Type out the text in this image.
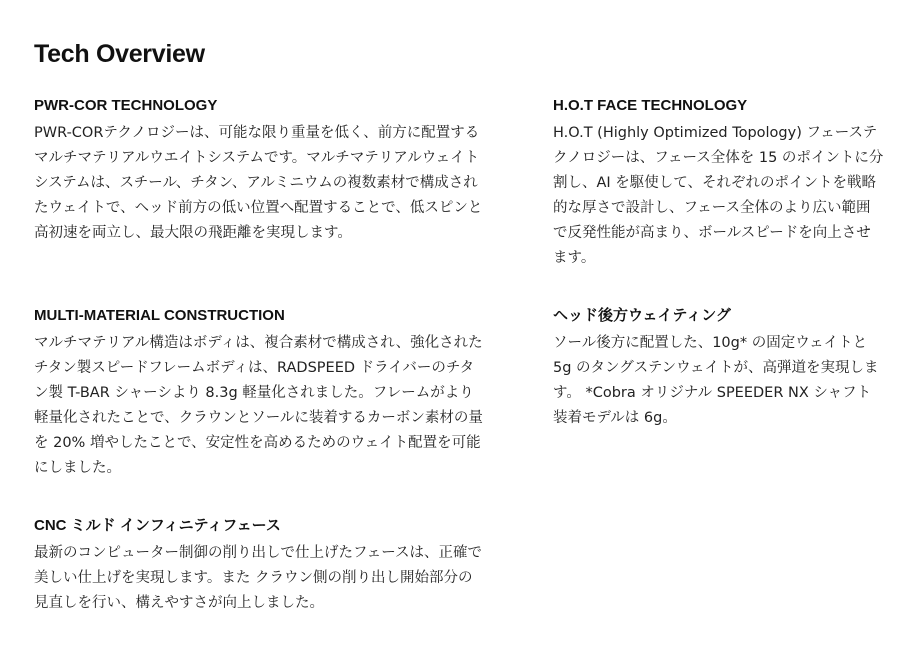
Tech Overview
PWR-COR TECHNOLOGY

PWR-CORテクノロジーは、可能な限り重量を低く、前方に配置するマルチマテリアルウエイトシステムです。マルチマテリアルウェイトシステムは、スチール、チタン、アルミニウムの複数素材で構成されたウェイトで、ヘッド前方の低い位置へ配置することで、低スピンと高初速を両立し、最大限の飛距離を実現します。

MULTI-MATERIAL CONSTRUCTION

マルチマテリアル構造はボディは、複合素材で構成され、強化されたチタン製スピードフレームボディは、RADSPEED ドライバーのチタン製 T-BAR シャーシより 8.3g 軽量化されました。フレームがより軽量化されたことで、クラウンとソールに装着するカーボン素材の量を 20% 増やしたことで、安定性を高めるためのウェイト配置を可能にしました。

CNC ミルド インフィニティフェース

最新のコンピューター制御の削り出しで仕上げたフェースは、正確で美しい仕上げを実現します。また クラウン側の削り出し開始部分の見直しを行い、構えやすさが向上しました。

H.O.T FACE TECHNOLOGY

H.O.T (Highly Optimized Topology) フェーステクノロジーは、フェース全体を 15 のポイントに分割し、AI を駆使して、それぞれのポイントを戦略的な厚さで設計し、フェース全体のより広い範囲で反発性能が高まり、ボールスピードを向上させます。

ヘッド後方ウェイティング

ソール後方に配置した、10g* の固定ウェイトと 5g のタングステンウェイトが、高弾道を実現します。 *Cobra オリジナル SPEEDER NX シャフト装着モデルは 6g。
